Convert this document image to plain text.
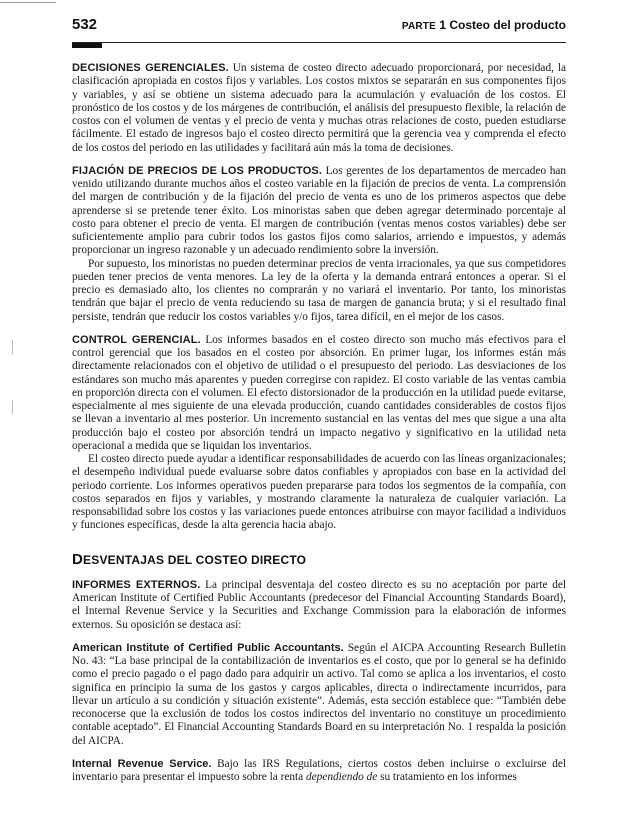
532	PARTE 1 Costeo del producto

DECISIONES GERENCIALES. Un sistema de costeo directo adecuado proporcionará, por necesidad, la clasificación apropiada en costos fijos y variables. Los costos mixtos se separarán en sus componentes fijos y variables, y así se obtiene un sistema adecuado para la acumulación y evaluación de los costos. El pronóstico de los costos y de los márgenes de contribución, el análisis del presupuesto flexible, la relación de costos con el volumen de ventas y el precio de venta y muchas otras relaciones de costo, pueden estudiarse fácilmente. El estado de ingresos bajo el costeo directo permitirá que la gerencia vea y comprenda el efecto de los costos del periodo en las utilidades y facilitará aún más la toma de decisiones.

FIJACIÓN DE PRECIOS DE LOS PRODUCTOS. Los gerentes de los departamentos de mercadeo han venido utilizando durante muchos años el costeo variable en la fijación de precios de venta. La comprensión del margen de contribución y de la fijación del precio de venta es uno de los primeros aspectos que debe aprenderse si se pretende tener éxito. Los minoristas saben que deben agregar determinado porcentaje al costo para obtener el precio de venta. El margen de contribución (ventas menos costos variables) debe ser suficientemente amplio para cubrir todos los gastos fijos como salarios, arriendo e impuestos, y además proporcionar un ingreso razonable y un adecuado rendimiento sobre la inversión.

Por supuesto, los minoristas no pueden determinar precios de venta irracionales, ya que sus competidores pueden tener precios de venta menores. La ley de la oferta y la demanda entrará entonces a operar. Si el precio es demasiado alto, los clientes no comprarán y no variará el inventario. Por tanto, los minoristas tendrán que bajar el precio de venta reduciendo su tasa de margen de ganancia bruta; y si el resultado final persiste, tendrán que reducir los costos variables y/o fijos, tarea difícil, en el mejor de los casos.

CONTROL GERENCIAL. Los informes basados en el costeo directo son mucho más efectivos para el control gerencial que los basados en el costeo por absorción. En primer lugar, los informes están más directamente relacionados con el objetivo de utilidad o el presupuesto del periodo. Las desviaciones de los estándares son mucho más aparentes y pueden corregirse con rapidez. El costo variable de las ventas cambia en proporción directa con el volumen. El efecto distorsionador de la producción en la utilidad puede evitarse, especialmente al mes siguiente de una elevada producción, cuando cantidades considerables de costos fijos se llevan a inventario al mes posterior. Un incremento sustancial en las ventas del mes que sigue a una alta producción bajo el costeo por absorción tendrá un impacto negativo y significativo en la utilidad neta operacional a medida que se liquidan los inventarios.

El costeo directo puede ayudar a identificar responsabilidades de acuerdo con las líneas organizacionales; el desempeño individual puede evaluarse sobre datos confiables y apropiados con base en la actividad del periodo corriente. Los informes operativos pueden prepararse para todos los segmentos de la compañía, con costos separados en fijos y variables, y mostrando claramente la naturaleza de cualquier variación. La responsabilidad sobre los costos y las variaciones puede entonces atribuirse con mayor facilidad a individuos y funciones específicas, desde la alta gerencia hacia abajo.

DESVENTAJAS DEL COSTEO DIRECTO

INFORMES EXTERNOS. La principal desventaja del costeo directo es su no aceptación por parte del American Institute of Certified Public Accountants (predecesor del Financial Accounting Standards Board), el Internal Revenue Service y la Securities and Exchange Commission para la elaboración de informes externos. Su oposición se destaca así:

American Institute of Certified Public Accountants. Según el AICPA Accounting Research Bulletin No. 43: “La base principal de la contabilización de inventarios es el costo, que por lo general se ha definido como el precio pagado o el pago dado para adquirir un activo. Tal como se aplica a los inventarios, el costo significa en principio la suma de los gastos y cargos aplicables, directa o indirectamente incurridos, para llevar un artículo a su condición y situación existente”. Además, esta sección establece que: “También debe reconocerse que la exclusión de todos los costos indirectos del inventario no constituye un procedimiento contable aceptado”. El Financial Accounting Standards Board en su interpretación No. 1 respalda la posición del AICPA.

Internal Revenue Service. Bajo las IRS Regulations, ciertos costos deben incluirse o excluirse del inventario para presentar el impuesto sobre la renta dependiendo de su tratamiento en los informes
